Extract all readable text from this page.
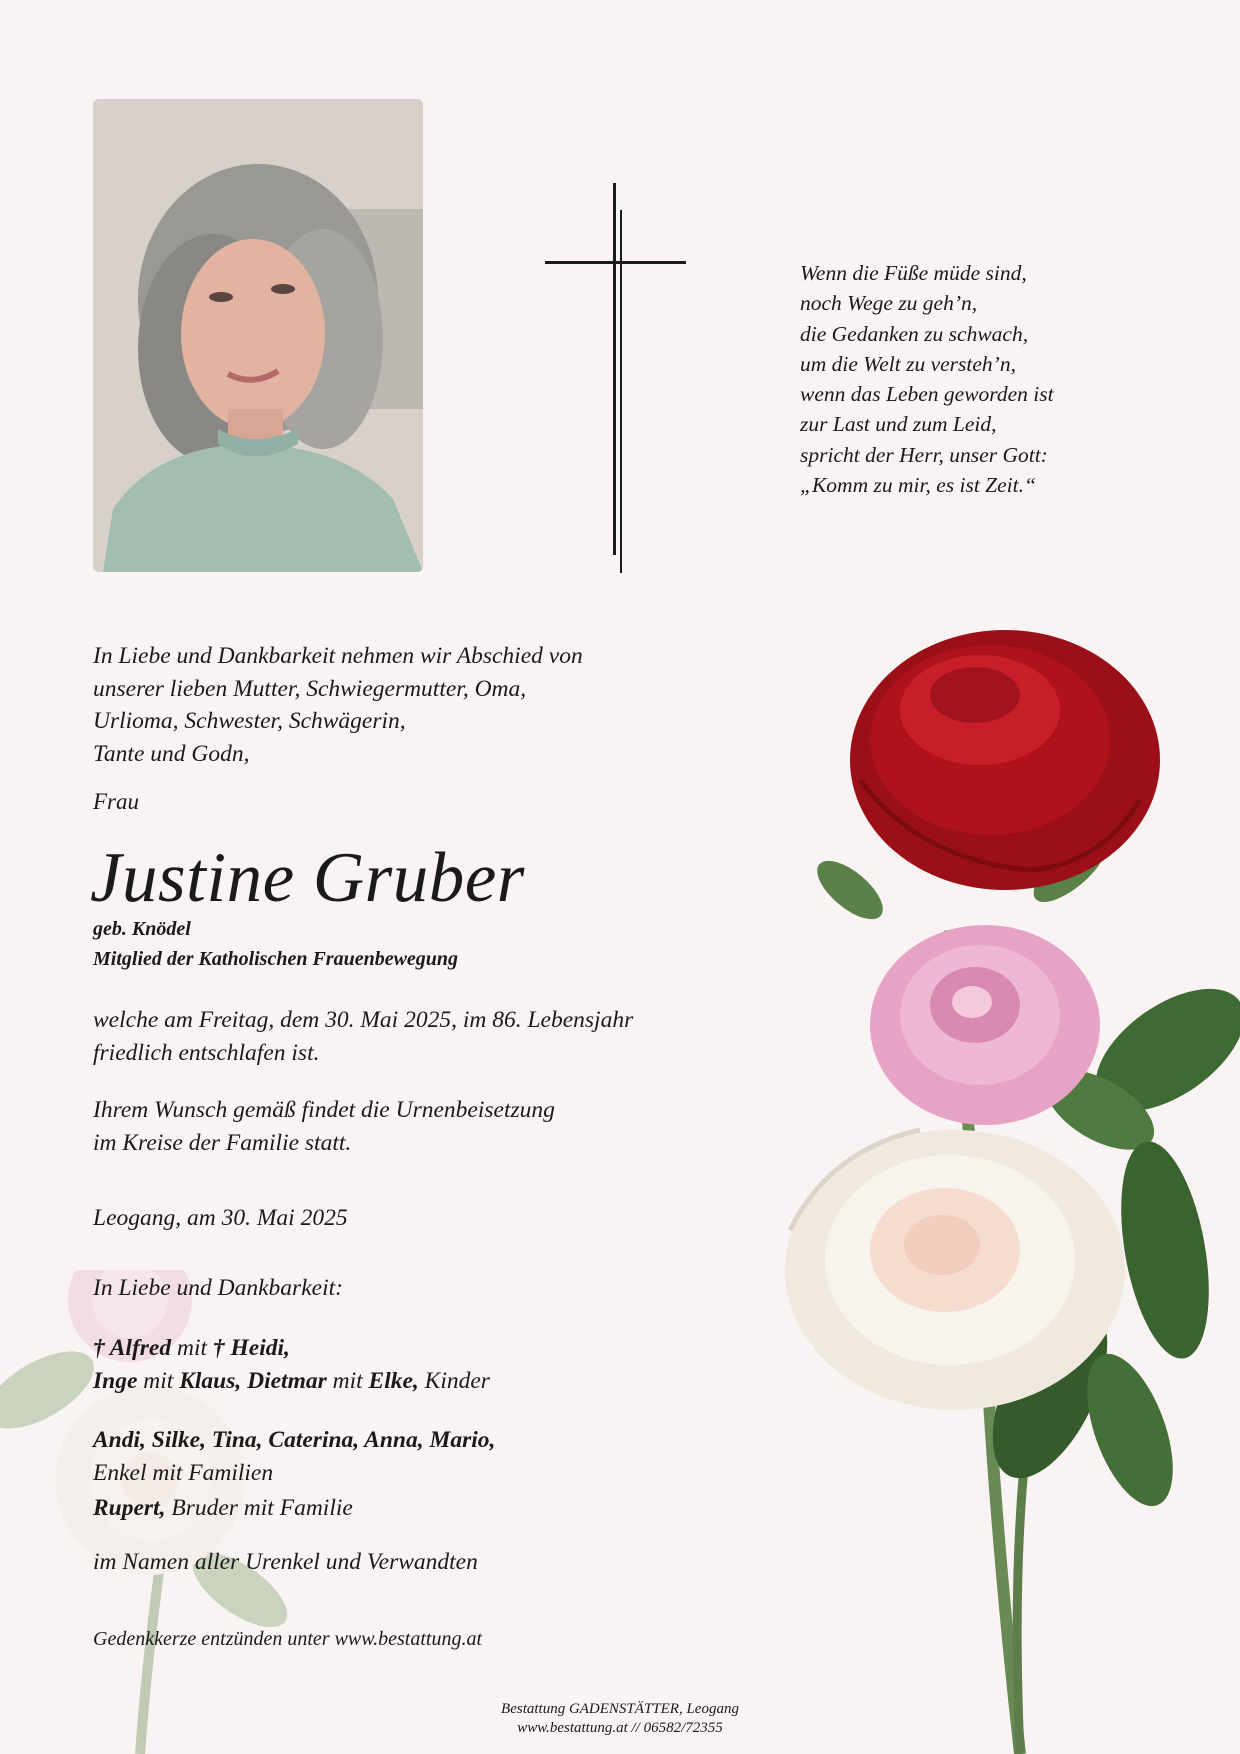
Wenn die Füße müde sind,
noch Wege zu geh’n,
die Gedanken zu schwach,
um die Welt zu versteh’n,
wenn das Leben geworden ist
zur Last und zum Leid,
spricht der Herr, unser Gott:
„Komm zu mir, es ist Zeit.“
In Liebe und Dankbarkeit nehmen wir Abschied von
unserer lieben Mutter, Schwiegermutter, Oma,
Urlioma, Schwester, Schwägerin,
Tante und Godn,
Frau
Justine Gruber
geb. Knödel
Mitglied der Katholischen Frauenbewegung
welche am Freitag, dem 30. Mai 2025, im 86. Lebensjahr
friedlich entschlafen ist.
Ihrem Wunsch gemäß findet die Urnenbeisetzung
im Kreise der Familie statt.
Leogang, am 30. Mai 2025
In Liebe und Dankbarkeit:
† Alfred mit † Heidi,
Inge mit Klaus, Dietmar mit Elke, Kinder
Andi, Silke, Tina, Caterina, Anna, Mario,
Enkel mit Familien
Rupert, Bruder mit Familie
im Namen aller Urenkel und Verwandten
Gedenkkerze entzünden unter www.bestattung.at
Bestattung GADENSTÄTTER, Leogang
www.bestattung.at // 06582/72355
